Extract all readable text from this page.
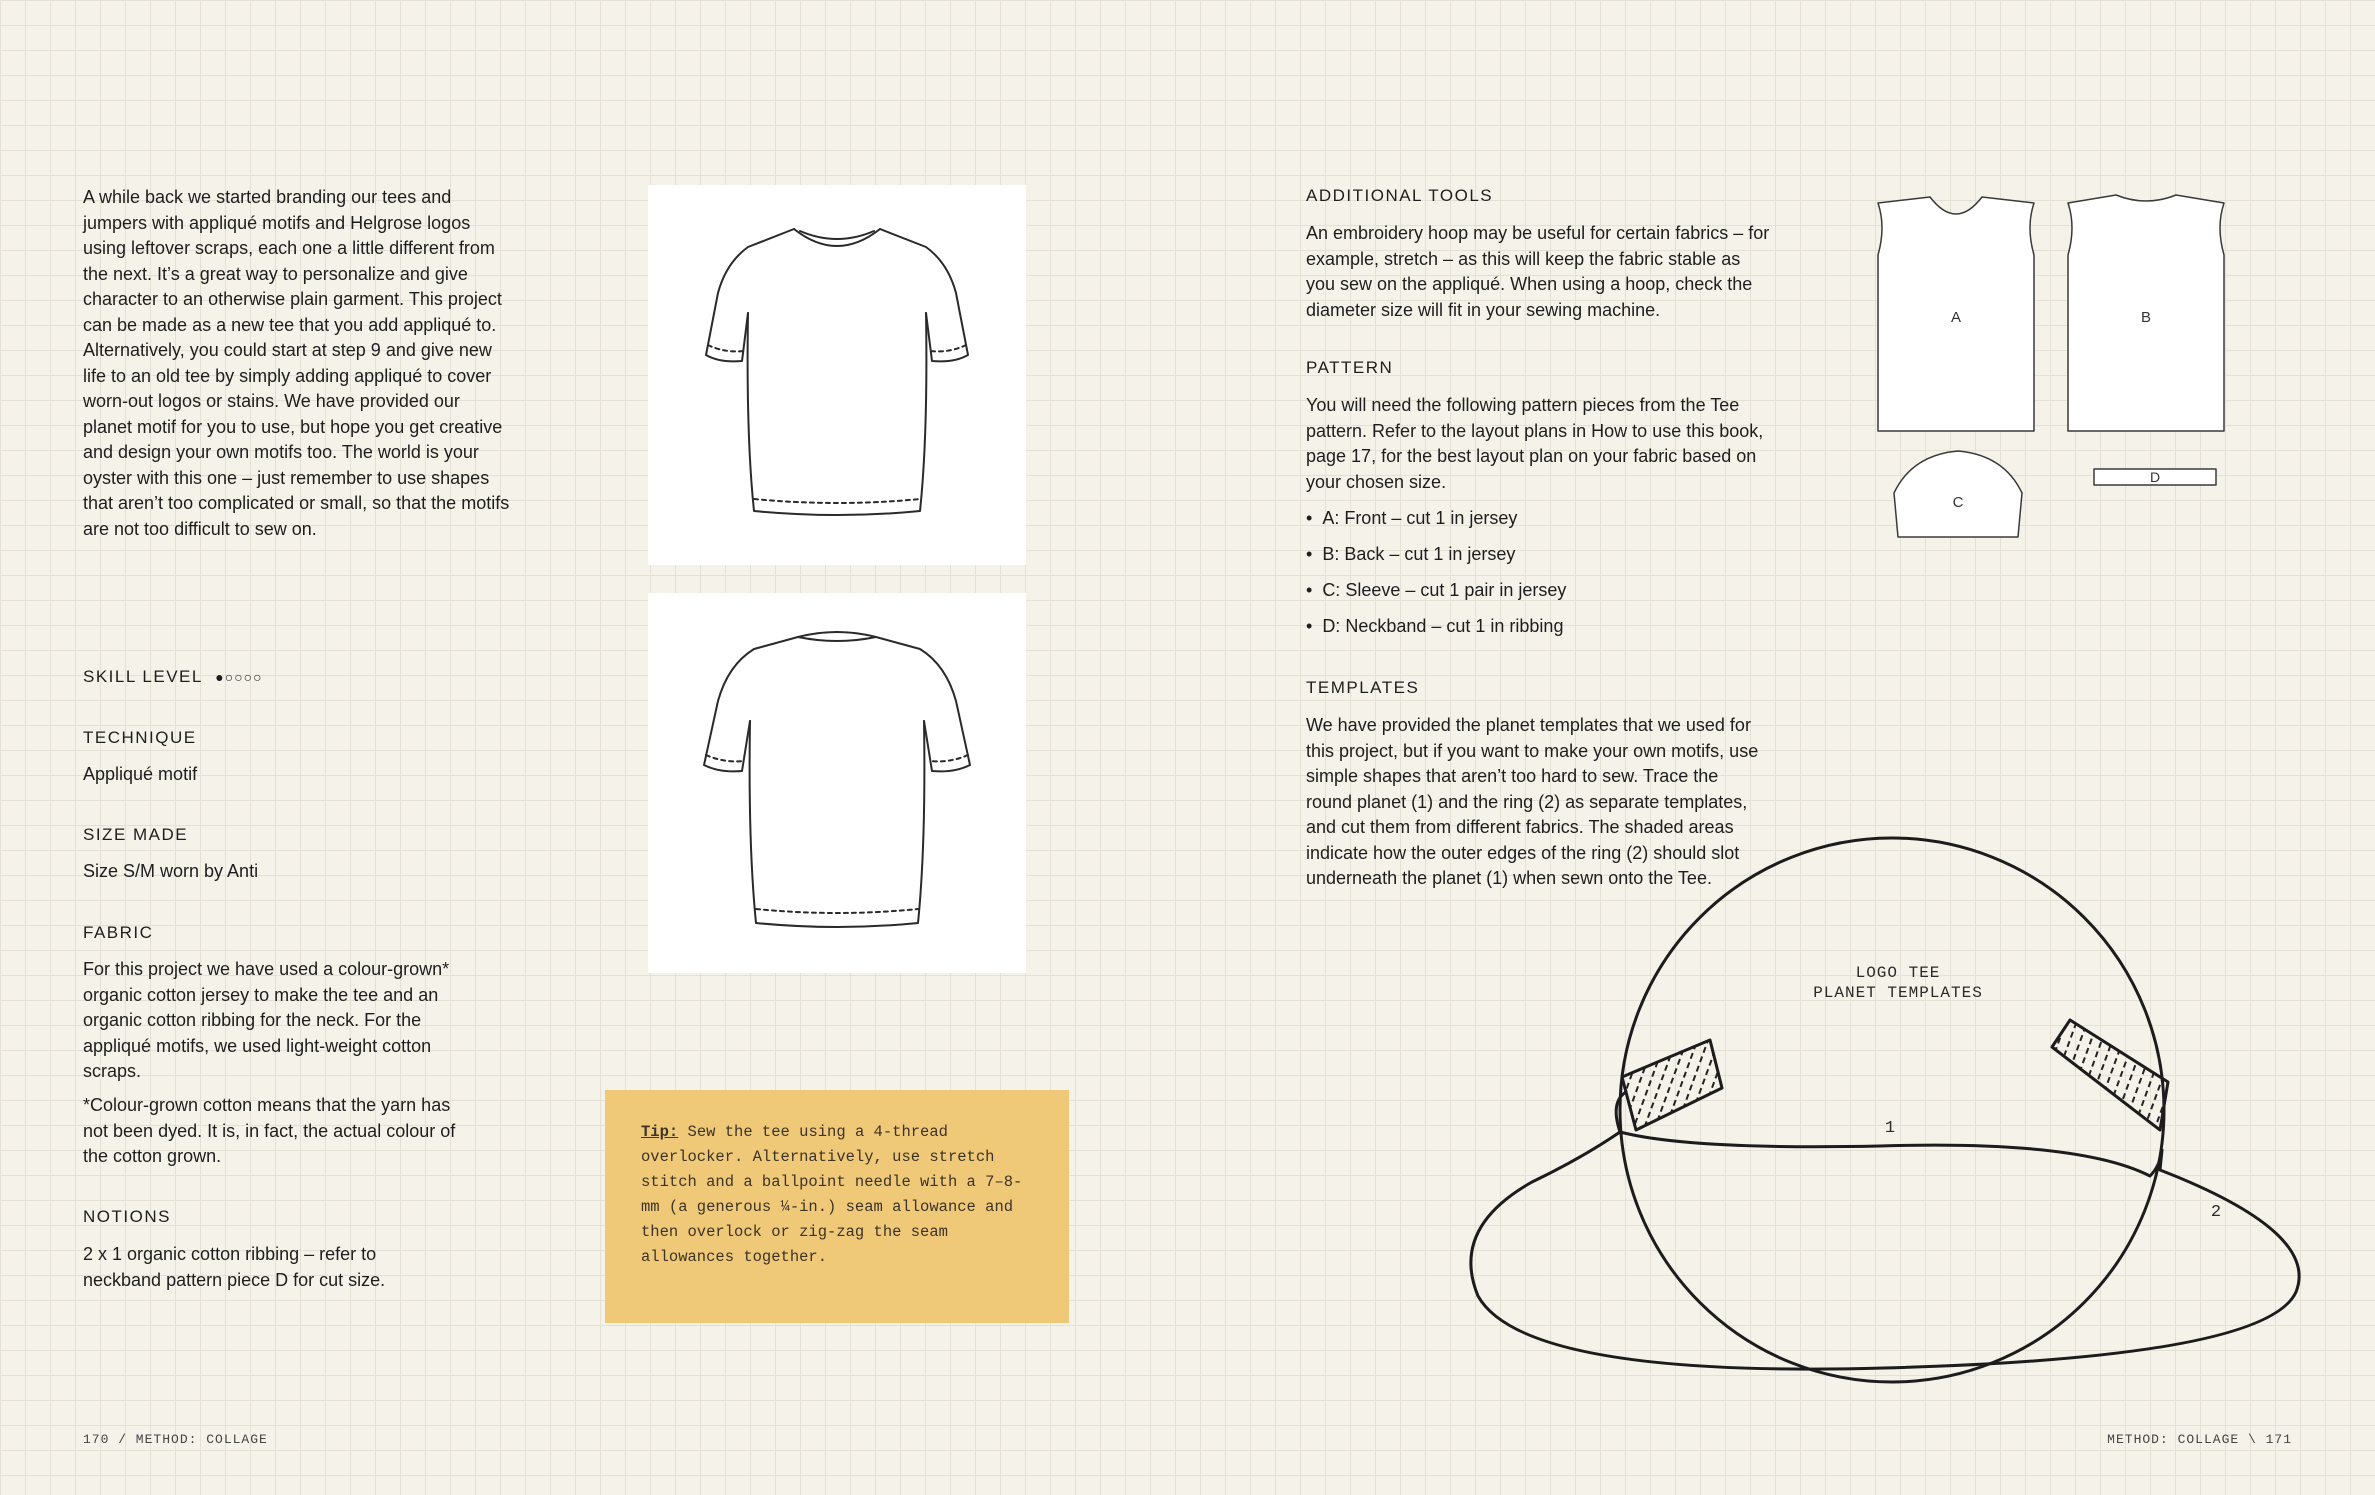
A while back we started branding our tees and jumpers with appliqué motifs and Helgrose logos using leftover scraps, each one a little different from the next. It’s a great way to personalize and give character to an otherwise plain garment. This project can be made as a new tee that you add appliqué to. Alternatively, you could start at step 9 and give new life to an old tee by simply adding appliqué to cover worn-out logos or stains. We have provided our planet motif for you to use, but hope you get creative and design your own motifs too. The world is your oyster with this one – just remember to use shapes that aren’t too complicated or small, so that the motifs are not too difficult to sew on.

SKILL LEVEL ●○○○○
TECHNIQUE

Appliqué motif

SIZE MADE

Size S/M worn by Anti

FABRIC

For this project we have used a colour-grown* organic cotton jersey to make the tee and an organic cotton ribbing for the neck. For the appliqué motifs, we used light-weight cotton scraps.

*Colour-grown cotton means that the yarn has not been dyed. It is, in fact, the actual colour of the cotton grown.

NOTIONS

2 x 1 organic cotton ribbing – refer to neckband pattern piece D for cut size.

Tip: Sew the tee using a 4-thread overlocker. Alternatively, use stretch stitch and a ballpoint needle with a 7–8-mm (a generous ¼-in.) seam allowance and then overlock or zig-zag the seam allowances together.

170 / METHOD: COLLAGE
ADDITIONAL TOOLS

An embroidery hoop may be useful for certain fabrics – for example, stretch – as this will keep the fabric stable as you sew on the appliqué. When using a hoop, check the diameter size will fit in your sewing machine.

PATTERN

You will need the following pattern pieces from the Tee pattern. Refer to the layout plans in How to use this book, page 17, for the best layout plan on your fabric based on your chosen size.

• A: Front – cut 1 in jersey
• B: Back – cut 1 in jersey
• C: Sleeve – cut 1 pair in jersey
• D: Neckband – cut 1 in ribbing
TEMPLATES

We have provided the planet templates that we used for this project, but if you want to make your own motifs, use simple shapes that aren’t too hard to sew. Trace the round planet (1) and the ring (2) as separate templates, and cut them from different fabrics. The shaded areas indicate how the outer edges of the ring (2) should slot underneath the planet (1) when sewn onto the Tee.

A	B
C
D
LOGO TEE
PLANET TEMPLATES
1
2
METHOD: COLLAGE \ 171
